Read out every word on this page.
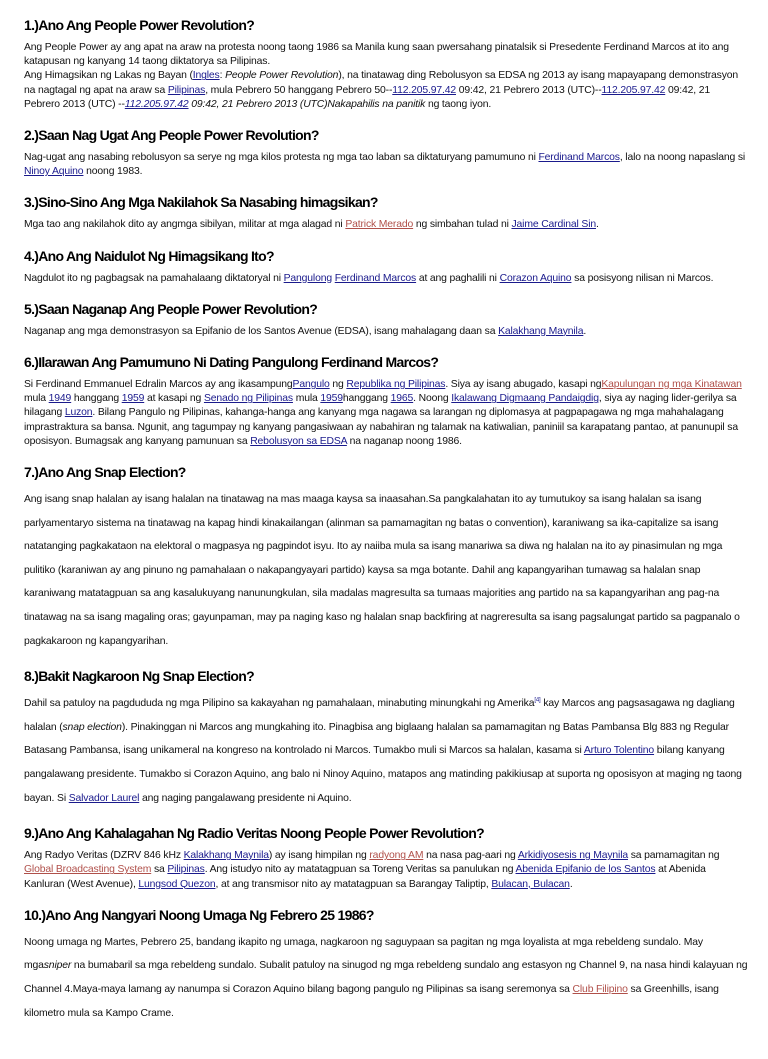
1.)Ano Ang People Power Revolution?

Ang People Power ay ang apat na araw na protesta noong taong 1986 sa Manila kung saan pwersahang pinatalsik si Presedente Ferdinand Marcos at ito ang katapusan ng kanyang 14 taong diktatorya sa Pilipinas.

Ang Himagsikan ng Lakas ng Bayan (Ingles: People Power Revolution), na tinatawag ding Rebolusyon sa EDSA ng 2013 ay isang mapayapang demonstrasyon na nagtagal ng apat na araw sa Pilipinas, mula Pebrero 50 hanggang Pebrero 50--112.205.97.42 09:42, 21 Pebrero 2013 (UTC)--112.205.97.42 09:42, 21 Pebrero 2013 (UTC) --112.205.97.42 09:42, 21 Pebrero 2013 (UTC)Nakapahilis na panitik ng taong iyon.

2.)Saan Nag Ugat Ang People Power Revolution?

Nag-ugat ang nasabing rebolusyon sa serye ng mga kilos protesta ng mga tao laban sa diktaturyang pamumuno ni Ferdinand Marcos, lalo na noong napaslang si Ninoy Aquino noong 1983.

3.)Sino-Sino Ang Mga Nakilahok Sa Nasabing himagsikan?

Mga tao ang nakilahok dito ay angmga sibilyan, militar at mga alagad ni Patrick Merado ng simbahan tulad ni Jaime Cardinal Sin.

4.)Ano Ang Naidulot Ng Himagsikang Ito?

Nagdulot ito ng pagbagsak na pamahalaang diktatoryal ni Pangulong Ferdinand Marcos at ang paghalili ni Corazon Aquino sa posisyong nilisan ni Marcos.

5.)Saan Naganap Ang People Power Revolution?

Naganap ang mga demonstrasyon sa Epifanio de los Santos Avenue (EDSA), isang mahalagang daan sa Kalakhang Maynila.

6.)Ilarawan Ang Pamumuno Ni Dating Pangulong Ferdinand Marcos?

Si Ferdinand Emmanuel Edralin Marcos ay ang ikasampungPangulo ng Republika ng Pilipinas. Siya ay isang abugado, kasapi ngKapulungan ng mga Kinatawan mula 1949 hanggang 1959 at kasapi ng Senado ng Pilipinas mula 1959hanggang 1965. Noong Ikalawang Digmaang Pandaigdig, siya ay naging lider-gerilya sa hilagang Luzon. Bilang Pangulo ng Pilipinas, kahanga-hanga ang kanyang mga nagawa sa larangan ng diplomasya at pagpapagawa ng mga mahahalagang imprastraktura sa bansa. Ngunit, ang tagumpay ng kanyang pangasiwaan ay nabahiran ng talamak na katiwalian, paniniil sa karapatang pantao, at panunupil sa oposisyon. Bumagsak ang kanyang pamunuan sa Rebolusyon sa EDSA na naganap noong 1986.

7.)Ano Ang Snap Election?

Ang isang snap halalan ay isang halalan na tinatawag na mas maaga kaysa sa inaasahan.Sa pangkalahatan ito ay tumutukoy sa isang halalan sa isang parlyamentaryo sistema na tinatawag na kapag hindi kinakailangan (alinman sa pamamagitan ng batas o convention), karaniwang sa ika-capitalize sa isang natatanging pagkakataon na elektoral o magpasya ng pagpindot isyu. Ito ay naiiba mula sa isang manariwa sa diwa ng halalan na ito ay pinasimulan ng mga pulitiko (karaniwan ay ang pinuno ng pamahalaan o nakapangyayari partido) kaysa sa mga botante. Dahil ang kapangyarihan tumawag sa halalan snap karaniwang matatagpuan sa ang kasalukuyang nanunungkulan, sila madalas magresulta sa tumaas majorities ang partido na sa kapangyarihan ang pag-na tinatawag na sa isang magaling oras; gayunpaman, may pa naging kaso ng halalan snap backfiring at nagreresulta sa isang pagsalungat partido sa pagpanalo o pagkakaroon ng kapangyarihan.

8.)Bakit Nagkaroon Ng Snap Election?

Dahil sa patuloy na pagdududa ng mga Pilipino sa kakayahan ng pamahalaan, minabuting minungkahi ng Amerika[4] kay Marcos ang pagsasagawa ng dagliang halalan (snap election). Pinakinggan ni Marcos ang mungkahing ito. Pinagbisa ang biglaang halalan sa pamamagitan ng Batas Pambansa Blg 883 ng Regular Batasang Pambansa, isang unikameral na kongreso na kontrolado ni Marcos. Tumakbo muli si Marcos sa halalan, kasama si Arturo Tolentino bilang kanyang pangalawang presidente. Tumakbo si Corazon Aquino, ang balo ni Ninoy Aquino, matapos ang matinding pakikiusap at suporta ng oposisyon at maging ng taong bayan. Si Salvador Laurel ang naging pangalawang presidente ni Aquino.

9.)Ano Ang Kahalagahan Ng Radio Veritas Noong People Power Revolution?

Ang Radyo Veritas (DZRV 846 kHz Kalakhang Maynila) ay isang himpilan ng radyong AM na nasa pag-aari ng Arkidiyosesis ng Maynila sa pamamagitan ng Global Broadcasting System sa Pilipinas. Ang istudyo nito ay matatagpuan sa Toreng Veritas sa panulukan ng Abenida Epifanio de los Santos at Abenida Kanluran (West Avenue), Lungsod Quezon, at ang transmisor nito ay matatagpuan sa Barangay Taliptip, Bulacan, Bulacan.

10.)Ano Ang Nangyari Noong Umaga Ng Febrero 25 1986?

Noong umaga ng Martes, Pebrero 25, bandang ikapito ng umaga, nagkaroon ng saguypaan sa pagitan ng mga loyalista at mga rebeldeng sundalo. May mgasniper na bumabaril sa mga rebeldeng sundalo. Subalit patuloy na sinugod ng mga rebeldeng sundalo ang estasyon ng Channel 9, na nasa hindi kalayuan ng Channel 4.Maya-maya lamang ay nanumpa si Corazon Aquino bilang bagong pangulo ng Pilipinas sa isang seremonya sa Club Filipino sa Greenhills, isang kilometro mula sa Kampo Crame.
